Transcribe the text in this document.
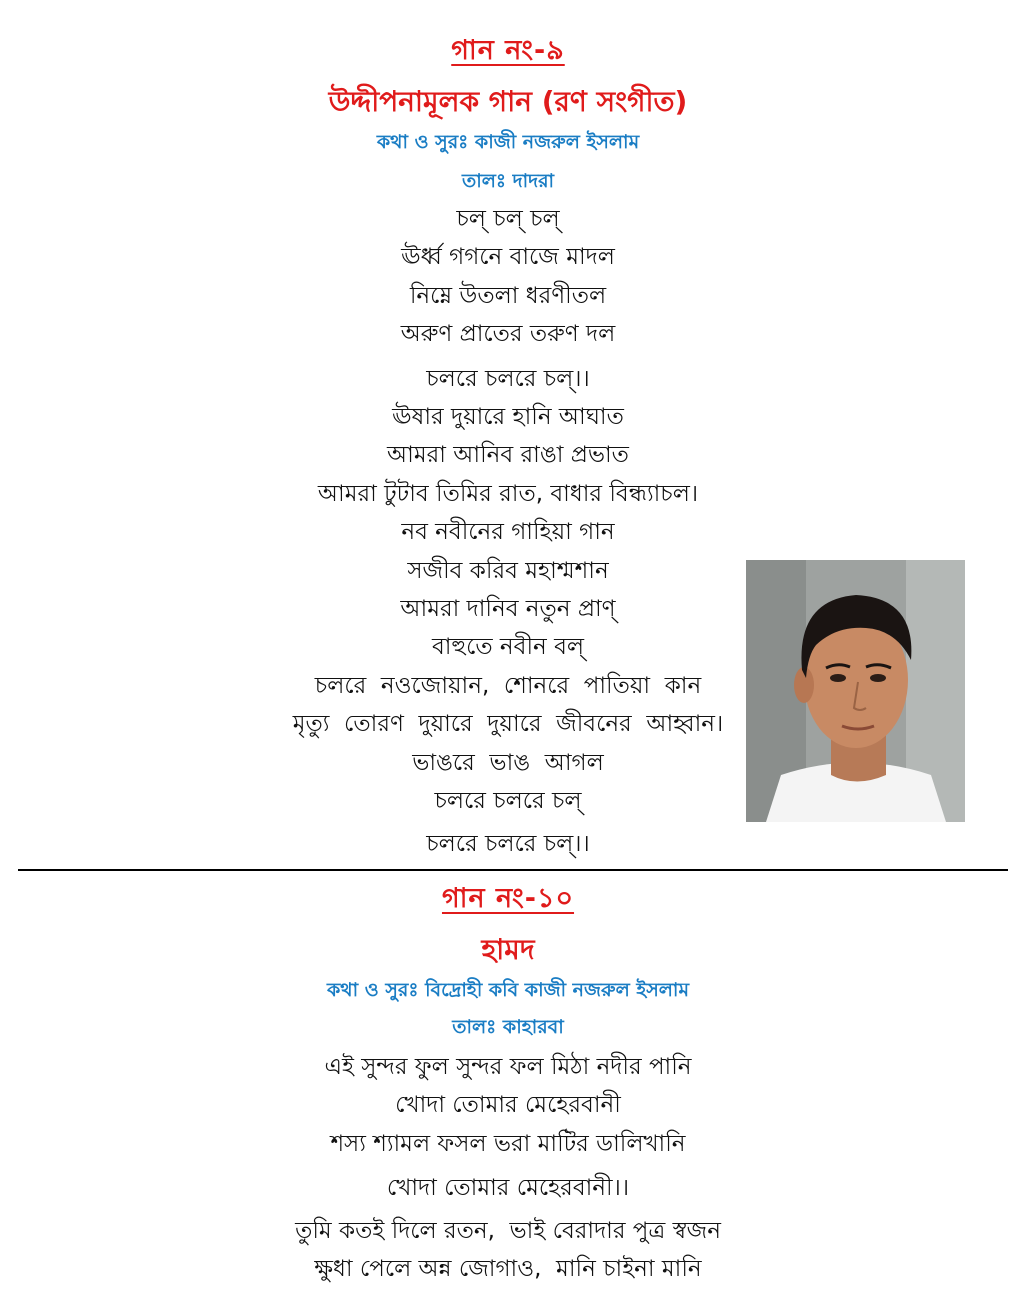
গান নং-৯
উদ্দীপনামূলক গান (রণ সংগীত)
কথা ও সুরঃ কাজী নজরুল ইসলাম
তালঃ দাদরা
চল্‌ চল্‌ চল্‌
ঊর্ধ্ব গগনে বাজে মাদল
নিম্নে উতলা ধরণীতল
অরুণ প্রাতের তরুণ দল
চলরে চলরে চল্‌।।
ঊষার দুয়ারে হানি আঘাত
আমরা আনিব রাঙা প্রভাত
আমরা টুটাব তিমির রাত, বাধার বিন্ধ্যাচল।
নব নবীনের গাহিয়া গান
সজীব করিব মহাশ্মশান
আমরা দানিব নতুন প্রাণ্‌
বাহুতে নবীন বল্‌
চলরে  নওজোয়ান,  শোনরে  পাতিয়া  কান
মৃত্যু  তোরণ  দুয়ারে  দুয়ারে  জীবনের  আহ্বান।
ভাঙরে  ভাঙ  আগল
চলরে চলরে চল্‌
চলরে চলরে চল্‌।।
গান নং-১০
হামদ
কথা ও সুরঃ বিদ্রোহী কবি কাজী নজরুল ইসলাম
তালঃ কাহারবা
এই সুন্দর ফুল সুন্দর ফল মিঠা নদীর পানি
খোদা তোমার মেহেরবানী
শস্য শ্যামল ফসল ভরা মাটির ডালিখানি
খোদা তোমার মেহেরবানী।।
তুমি কতই দিলে রতন,  ভাই বেরাদার পুত্র স্বজন
ক্ষুধা পেলে অন্ন জোগাও,  মানি চাইনা মানি
